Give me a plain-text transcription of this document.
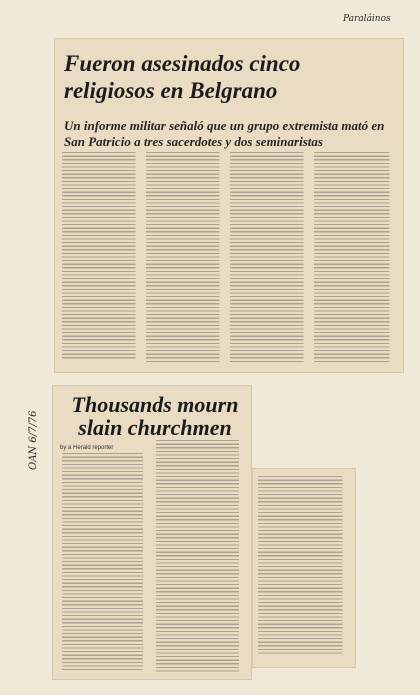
Paraláinos
OAN 6/7/76
Fueron asesinados cinco religiosos en Belgrano
Un informe militar señaló que un grupo extremista mató en San Patricio a tres sacerdotes y dos seminaristas
Thousands mourn slain churchmen
by a Herald reporter
